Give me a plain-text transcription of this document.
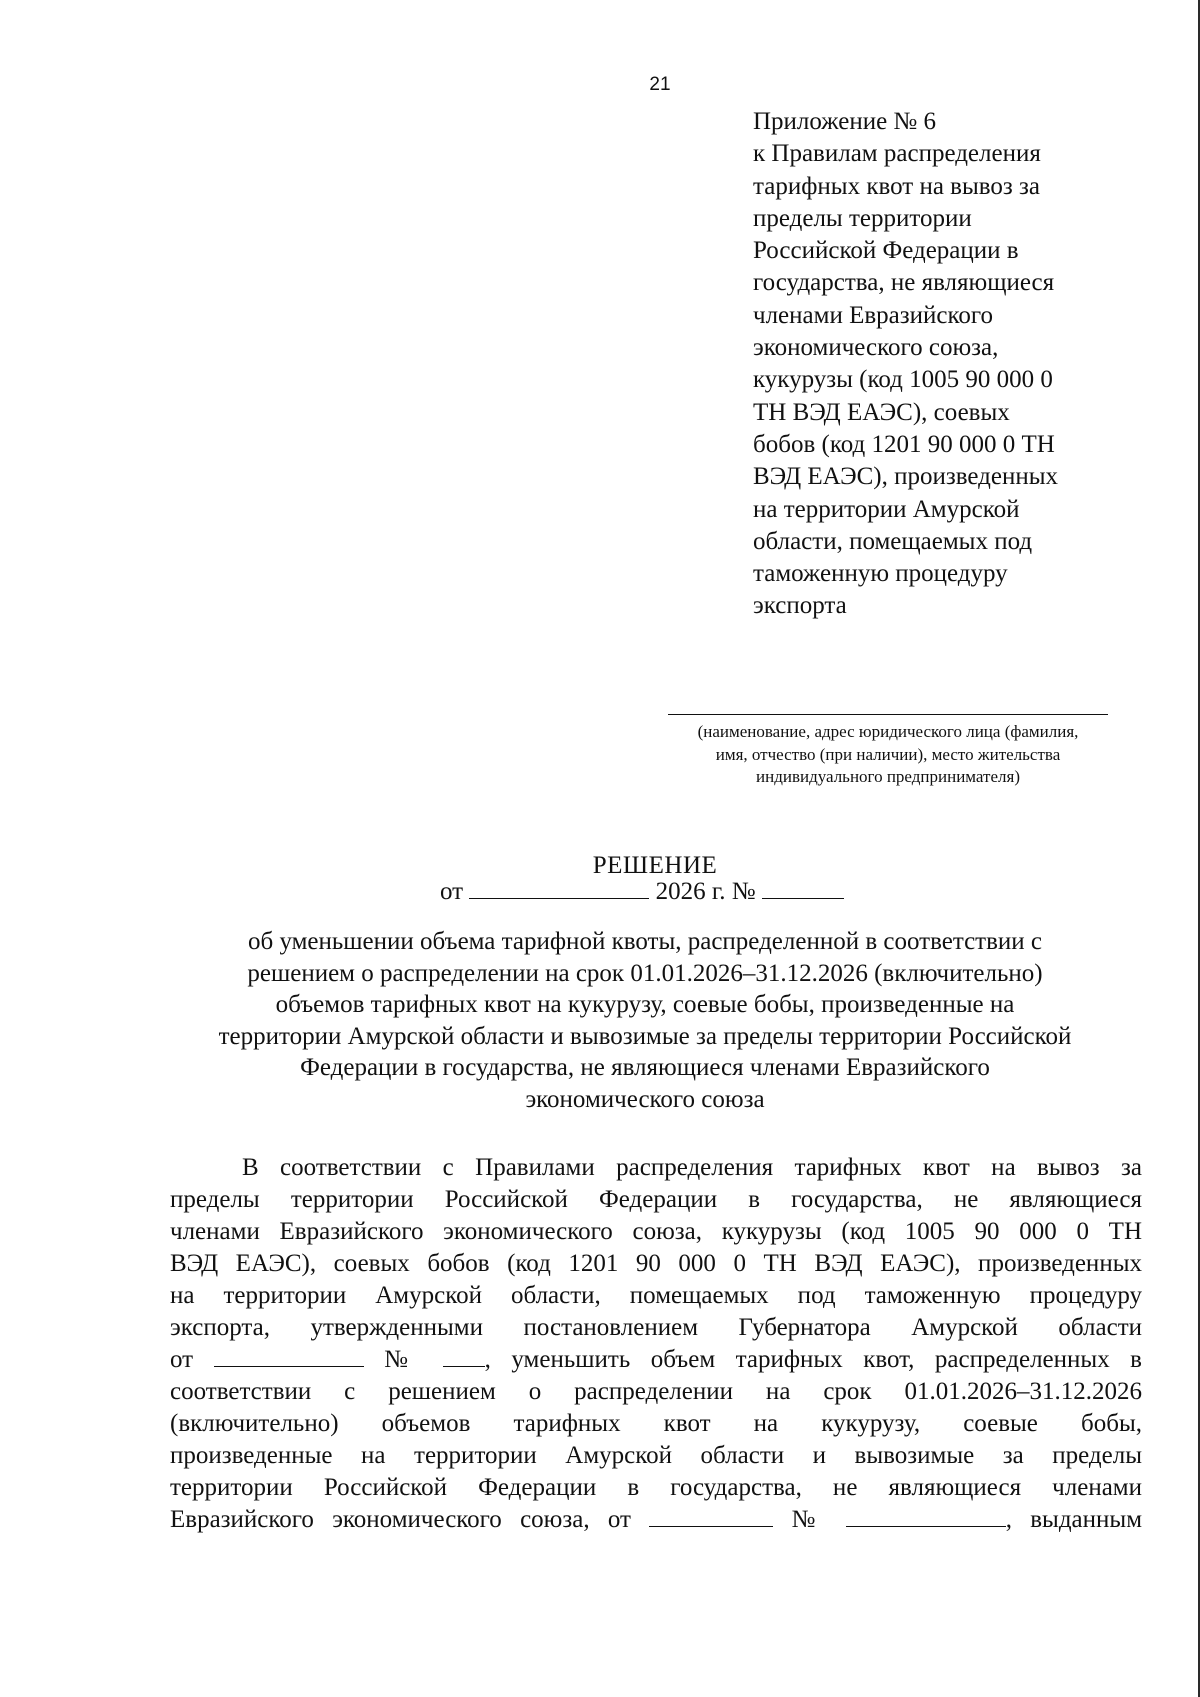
21
Приложение № 6
к Правилам распределения
тарифных квот на вывоз за
пределы территории
Российской Федерации в
государства, не являющиеся
членами Евразийского
экономического союза,
кукурузы (код 1005 90 000 0
ТН ВЭД ЕАЭС), соевых
бобов (код 1201 90 000 0 ТН
ВЭД ЕАЭС), произведенных
на территории Амурской
области, помещаемых под
таможенную процедуру
экспорта
(наименование, адрес юридического лица (фамилия,
имя, отчество (при наличии), место жительства
индивидуального предпринимателя)
РЕШЕНИЕ
от	2026 г. №
об уменьшении объема тарифной квоты, распределенной в соответствии с
решением о распределении на срок 01.01.2026–31.12.2026 (включительно)
объемов тарифных квот на кукурузу, соевые бобы, произведенные на
территории Амурской области и вывозимые за пределы территории Российской
Федерации в государства, не являющиеся членами Евразийского
экономического союза
В соответствии с Правилами распределения тарифных квот на вывоз за
пределы территории Российской Федерации в государства, не являющиеся
членами Евразийского экономического союза, кукурузы (код 1005 90 000 0 ТН
ВЭД ЕАЭС), соевых бобов (код 1201 90 000 0 ТН ВЭД ЕАЭС), произведенных
на территории Амурской области, помещаемых под таможенную процедуру
экспорта, утвержденными постановлением Губернатора Амурской области
от	№ , уменьшить объем тарифных квот, распределенных в
соответствии с решением о распределении на срок 01.01.2026–31.12.2026
(включительно) объемов тарифных квот на кукурузу, соевые бобы,
произведенные на территории Амурской области и вывозимые за пределы
территории Российской Федерации в государства, не являющиеся членами
Евразийского экономического союза, от	№	, выданным
